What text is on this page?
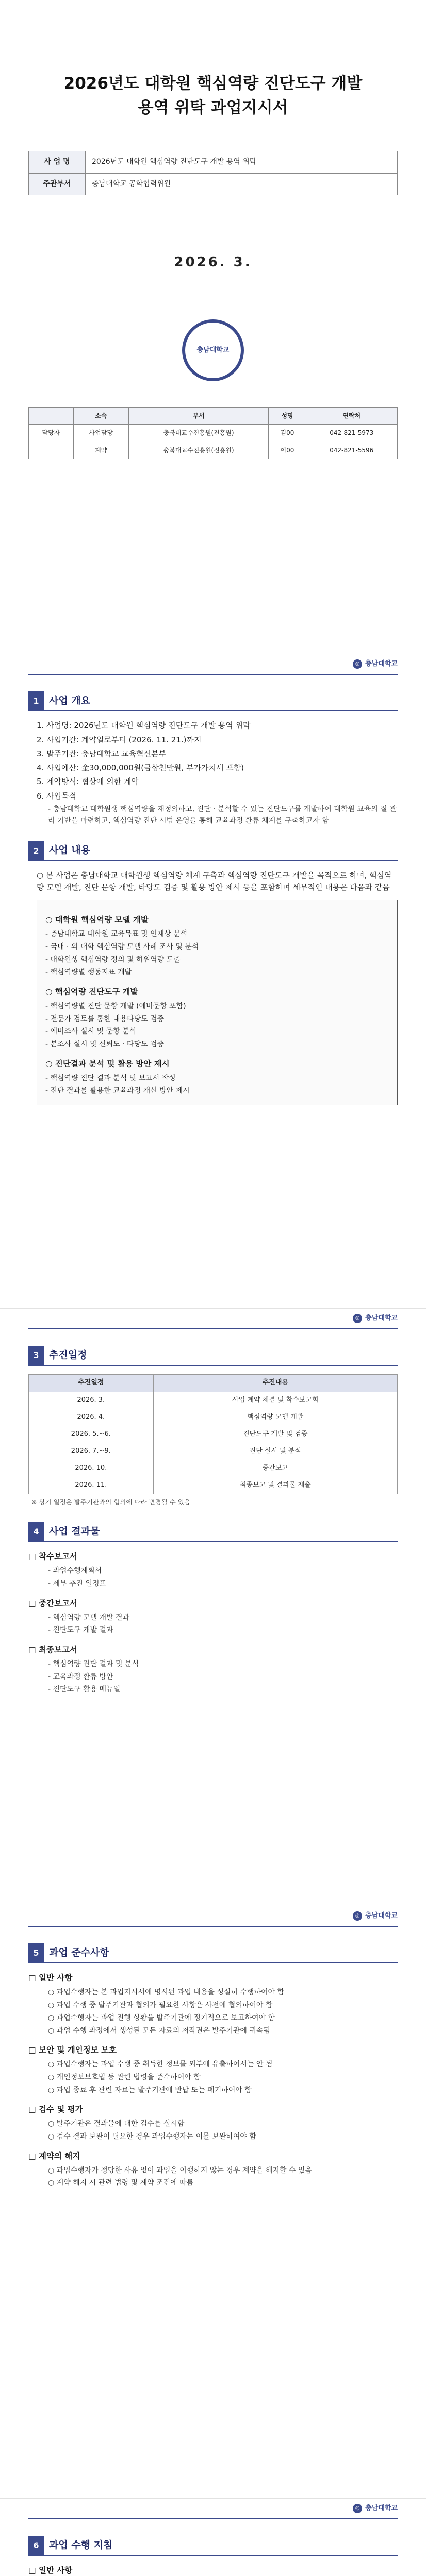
2026년도 대학원 핵심역량 진단도구 개발
용역 위탁 과업지시서
사 업 명	2026년도 대학원 핵심역량 진단도구 개발 용역 위탁
주관부서	충남대학교 공학협력위원
2026. 3.
충남대학교
	소속	부서	성명	연락처
담당자	사업담당	충북대교수진흥원(진흥원)	김00	042-821-5973
	계약	충북대교수진흥원(진흥원)	이00	042-821-5596
◎ 충남대학교
1	사업 개요
1. 사업명: 2026년도 대학원 핵심역량 진단도구 개발 용역 위탁
2. 사업기간: 계약일로부터 (2026. 11. 21.)까지
3. 발주기관: 충남대학교 교육혁신본부
4. 사업예산: 金30,000,000원(금삼천만원, 부가가치세 포함)
5. 계약방식: 협상에 의한 계약
6. 사업목적
- 충남대학교 대학원생 핵심역량을 재정의하고, 진단 · 분석할 수 있는 진단도구를 개발하여 대학원 교육의 질 관리 기반을 마련하고, 핵심역량 진단 시범 운영을 통해 교육과정 환류 체계를 구축하고자 함
2	사업 내용
○ 본 사업은 충남대학교 대학원생 핵심역량 체계 구축과 핵심역량 진단도구 개발을 목적으로 하며, 핵심역량 모델 개발, 진단 문항 개발, 타당도 검증 및 활용 방안 제시 등을 포함하며 세부적인 내용은 다음과 같음
○ 대학원 핵심역량 모델 개발
- 충남대학교 대학원 교육목표 및 인재상 분석
- 국내 · 외 대학 핵심역량 모델 사례 조사 및 분석
- 대학원생 핵심역량 정의 및 하위역량 도출
- 핵심역량별 행동지표 개발
○ 핵심역량 진단도구 개발
- 핵심역량별 진단 문항 개발 (예비문항 포함)
- 전문가 검토를 통한 내용타당도 검증
- 예비조사 실시 및 문항 분석
- 본조사 실시 및 신뢰도 · 타당도 검증
○ 진단결과 분석 및 활용 방안 제시
- 핵심역량 진단 결과 분석 및 보고서 작성
- 진단 결과를 활용한 교육과정 개선 방안 제시
◎ 충남대학교
3	추진일정
추진일정	추진내용
2026. 3.	사업 계약 체결 및 착수보고회
2026. 4.	핵심역량 모델 개발
2026. 5.~6.	진단도구 개발 및 검증
2026. 7.~9.	진단 실시 및 분석
2026. 10.	중간보고
2026. 11.	최종보고 및 결과물 제출
※ 상기 일정은 발주기관과의 협의에 따라 변경될 수 있음
4	사업 결과물
□ 착수보고서
- 과업수행계획서
- 세부 추진 일정표
□ 중간보고서
- 핵심역량 모델 개발 결과
- 진단도구 개발 결과
□ 최종보고서
- 핵심역량 진단 결과 및 분석
- 교육과정 환류 방안
- 진단도구 활용 매뉴얼
◎ 충남대학교
5	과업 준수사항
□ 일반 사항
○ 과업수행자는 본 과업지시서에 명시된 과업 내용을 성실히 수행하여야 함
○ 과업 수행 중 발주기관과 협의가 필요한 사항은 사전에 협의하여야 함
○ 과업수행자는 과업 진행 상황을 발주기관에 정기적으로 보고하여야 함
○ 과업 수행 과정에서 생성된 모든 자료의 저작권은 발주기관에 귀속됨
□ 보안 및 개인정보 보호
○ 과업수행자는 과업 수행 중 취득한 정보를 외부에 유출하여서는 안 됨
○ 개인정보보호법 등 관련 법령을 준수하여야 함
○ 과업 종료 후 관련 자료는 발주기관에 반납 또는 폐기하여야 함
□ 검수 및 평가
○ 발주기관은 결과물에 대한 검수를 실시함
○ 검수 결과 보완이 필요한 경우 과업수행자는 이를 보완하여야 함
□ 계약의 해지
○ 과업수행자가 정당한 사유 없이 과업을 이행하지 않는 경우 계약을 해지할 수 있음
○ 계약 해지 시 관련 법령 및 계약 조건에 따름
◎ 충남대학교
6	과업 수행 지침
□ 일반 사항
